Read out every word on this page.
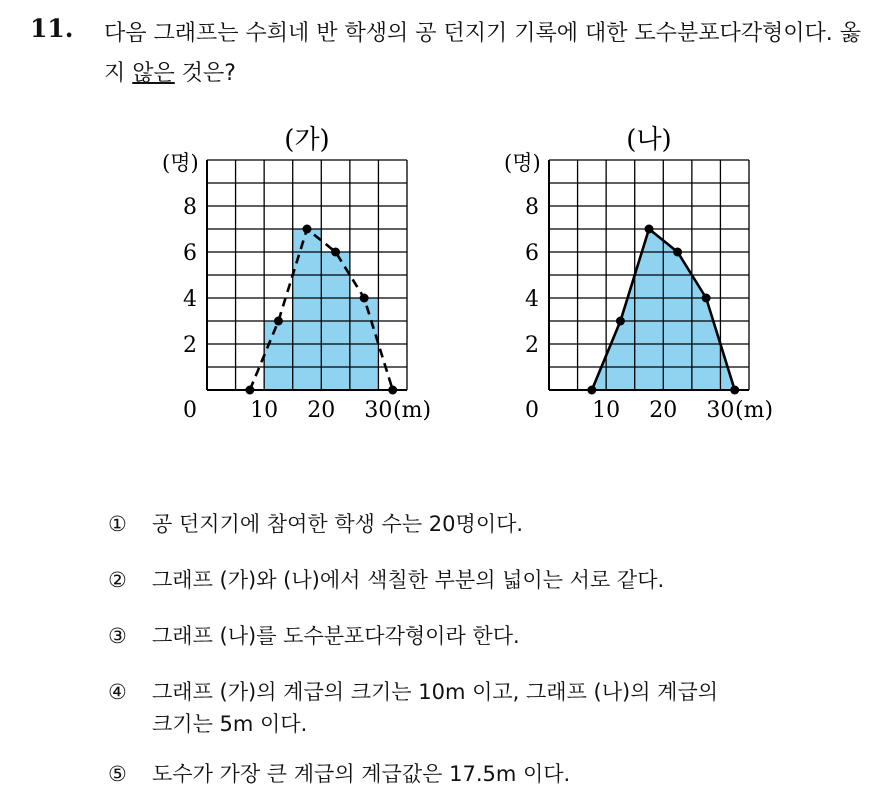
11. 다음 그래프는 수희네 반 학생의 공 던지기 기록에 대한 도수분포다각형이다. 옳지 않은 것은?
(가)
(명)
2
4
6
8
0 10 20 30 (m)
(나)
(명)
2
4
6
8
0 10 20 30 (m)
① 공 던지기에 참여한 학생 수는 20명이다.
② 그래프 (가)와 (나)에서 색칠한 부분의 넓이는 서로 같다.
③ 그래프 (나)를 도수분포다각형이라 한다.
④ 그래프 (가)의 계급의 크기는 10m 이고, 그래프 (나)의 계급의
크기는 5m 이다.
⑤ 도수가 가장 큰 계급의 계급값은 17.5m 이다.
